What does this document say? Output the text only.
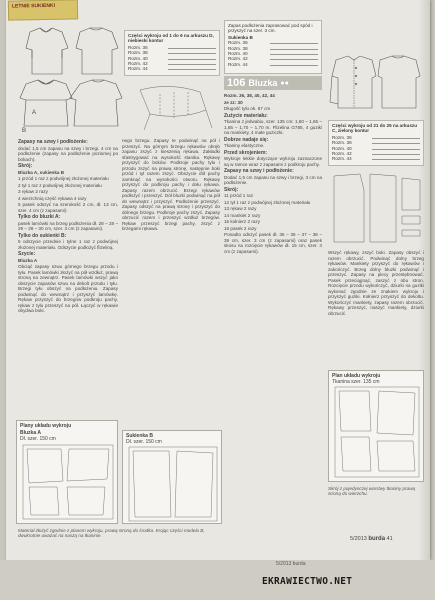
LETNIE SUKIENKI
A
B
Części wykroju od 1 do 6 na arkuszu D, niebieski kontur
Rozm. 36
Rozm. 38
Rozm. 40
Rozm. 42
Rozm. 44
Zapasy na szwy i podłożenie:

dodać 1,5 cm zapasu na szwy i brzegi, 4 cm na podłożenie (zapasy na podłożenie poziomej po bokach).

Skrój:

Bluzka A, sukienka B

1 przód 1 raz z podwójnej złożonej materiału

2 tył 1 raz z podwójnej złożonej materiału

3 rękaw 2 razy

4 wierzchnią część rękawa 4 razy

5 pasek odszyć na szerokość 2 cm, dł. 13 cm, szer. 4 cm (z zapasami)

Tylko do bluzki A:

pasek lamówki na brzeg podłożenia dł. 28 – 28 – 29 – 29 – 30 cm, szer. 3 cm (z zapasami).

Tylko do sukienki B:

5 odszycie przednie i tylne 1 raz z podwójnej złożonej materiału. Odszycie podłożyć flizeliną.

Szycie:

Bluzka A

Obciąć zapasy szwu górnego brzegu przodu i tyłu. Pasek lamówki złożyć na pół wzdłuż, prawą stroną na zewnątrz. Pasek lamówki wszyć jako obszycie zapasów szwu na dekolt przodu i tyłu. Brzegi tyłu obszyć na podłożeniu. Zapasy podwinąć do wewnątrz i przyszyć lamówkę. Rękaw przyszyć do brzegów podkroju pachy, rękaw z tyłu przeszyć na pół. Łączyć w rękawie obydwa boki.

nego brzegu. Zapasy te podwinąć na pół i przeszyć. Na górnym brzegu rękawów obręb zapasu zszyć z kieszenią rękawa. Zakładki sfastrygować na wysokość stanika. Rękawy przyszyć do boków. Podkroje pachy tyłu i przodu zszyć na prawą stronę, następnie boki przód i tył razem zszyć. Obszycie dół pachy zamknąć na wysokości otworu. Rękawy przyszyć do podkroju pachy i dołu rękawa. Zapasy razem obrzucić. Brzegi rękawów podłożyć i przeszyć. Dół bluzki podwinąć na pół do wewnątrz i przyszyć. Podłożenie przeszyć. Zapasy odszyć na prawą stronę i przyszyć do dolnego brzegu. Podkroje pachy zszyć. Zapasy obrzucić razem i przeszyć wzdłuż brzegów. Rękaw przeszyć brzegi pachy, zszyć z brzegami rękawa.

Zapas podłożenia zaprasować pod spód i przyszyć na szer. 3 cm.
Sukienka B
Rozm. 36
Rozm. 38
Rozm. 40
Rozm. 42
Rozm. 44
106 Bluzka ●●

Rozm. 36, 38, 40, 42, 44

ze zz: 30

Długość tyłu ok. 67 cm

Zużycie materiału:

Tkanina z jedwabiu, szer. 135 cm: 1,60 – 1,65 – 1,65 – 1,70 – 1,70 m. Flizelina G785, 4 guziki na mankiety, 4 małe guziczki.

Dobrze nadaje się:

Tkaniny elastyczne.

Przed skrojeniem:

Wykroje lekkie dotyczące wykroju zaznaczone są w ramce wraz z zapasami z podkroju pachy.

Zapasy na szwy i podłożenie:

Dodać 1,5 cm zapasu na szwy i brzegi, 3 cm na podłożenie.

Skrój:

11 przód 1 raz

12 tył 1 raz z podwójnej złożonej materiału

13 rękaw 2 razy

14 mankiet 2 razy

15 kołnierz 2 razy

16 pasek 2 razy

Ponadto odszyć pasek dł. 35 – 36 – 37 – 38 – 39 cm, szer. 3 cm (z zapasami) oraz pasek skosu na rozcięcie rękawów dł. 15 cm, szer. 3 cm (z zapasami).

Części wykroju od 21 do 25 na arkuszu C, zielony kontur
Rozm. 36
Rozm. 38
Rozm. 40
Rozm. 42
Rozm. 44

Wszyć rękawy, zszyć boki. Zapasy obszyć i razem obrzucić. Podwinąć dolny brzeg rękawów. Mankiety przyszyć do rękawów i zakończyć. Brzeg dolny bluzki podwinąć i przeszyć. Zapasy na plecy przestębnować. Pasek przeciągnąć, zaszyć z obu stron. Rozcięcie przodu wykończyć, dziurki na guziki wykonać zgodnie ze znakiem wykroju i przyszyć guziki. Kołnierz przyszyć do dekoltu. Wykończyć mankiety, zapasy razem obrzucić. Rękawy przeszyć, naszyć mankiety, dziurki obrzucić.

Plan układu wykroju
Tkanina szer. 135 cm
Plany układu wykroju
Bluzka A
Dł. szer. 150 cm	Sukienka B
Dł. szer. 150 cm
Materiał złożyć zgodnie z planem wykroju, prawą stroną do środka. Krojąc części modelu B, dwukrotnie uważać na naszą na tkaninie.
Skrój z pojedynczej warstwy tkaniny prawą stroną do wierzchu.
5/2013 burda 41
5/2013 burda
EKRAWIECTWO.NET
